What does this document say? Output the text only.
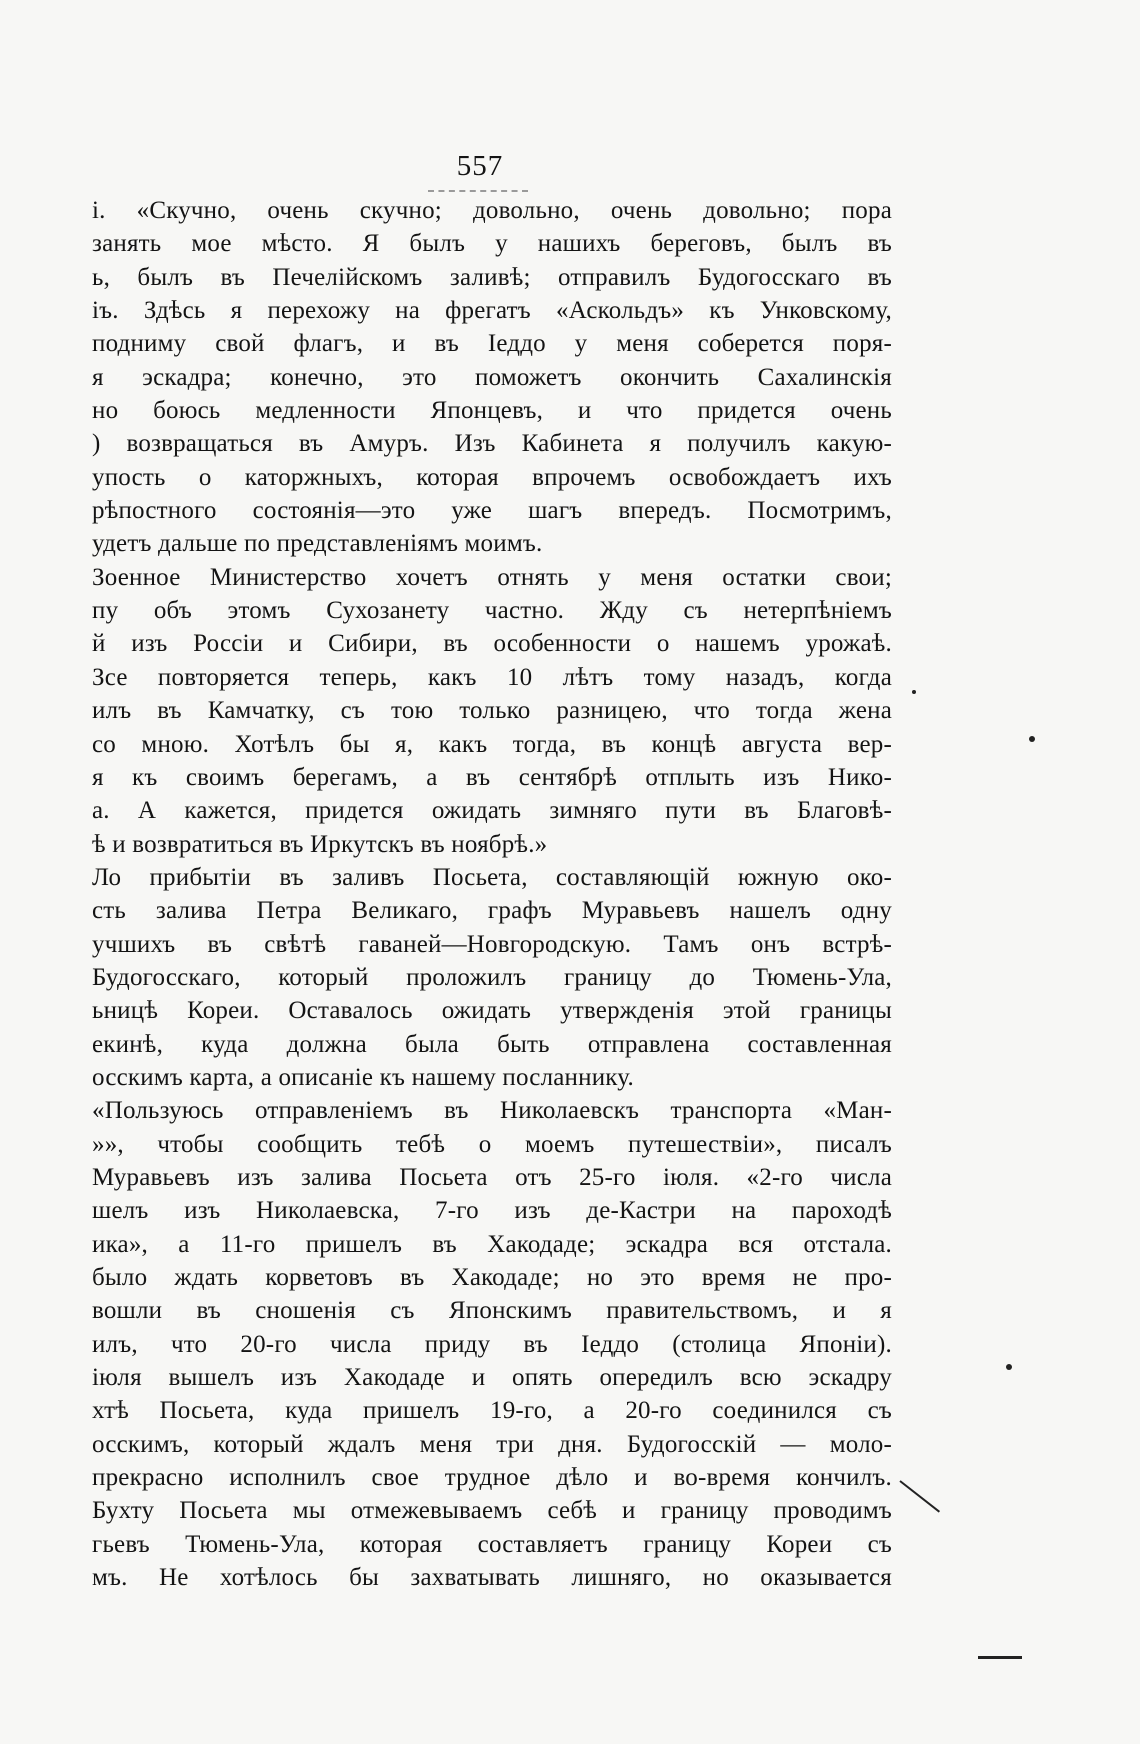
557
і. «Скучно, очень скучно; довольно, очень довольно; пора
занять мое мѣсто. Я былъ у нашихъ береговъ, былъ въ
ь, былъ въ Печелійскомъ заливѣ; отправилъ Будогосскаго въ
іъ. Здѣсь я перехожу на фрегатъ «Аскольдъ» къ Унковскому,
подниму свой флагъ, и въ Іеддо у меня соберется поря-
я эскадра; конечно, это поможетъ окончить Сахалинскія
но боюсь медленности Японцевъ, и что придется очень
) возвращаться въ Амуръ. Изъ Кабинета я получилъ какую-
упость о каторжныхъ, которая впрочемъ освобождаетъ ихъ
рѣпостного состоянія—это уже шагъ впередъ. Посмотримъ,
удетъ дальше по представленіямъ моимъ.
Зоенное Министерство хочетъ отнять у меня остатки свои;
пу объ этомъ Сухозанету частно. Жду съ нетерпѣніемъ
й изъ Россіи и Сибири, въ особенности о нашемъ урожаѣ.
Зсе повторяется теперь, какъ 10 лѣтъ тому назадъ, когда
илъ въ Камчатку, съ тою только разницею, что тогда жена
со мною. Хотѣлъ бы я, какъ тогда, въ концѣ августа вер-
я къ своимъ берегамъ, а въ сентябрѣ отплыть изъ Нико-
а. А кажется, придется ожидать зимняго пути въ Благовѣ-
ѣ и возвратиться въ Иркутскъ въ ноябрѣ.»
Ло прибытіи въ заливъ Посьета, составляющій южную око-
сть залива Петра Великаго, графъ Муравьевъ нашелъ одну
учшихъ въ свѣтѣ гаваней—Новгородскую. Тамъ онъ встрѣ-
Будогосскаго, который проложилъ границу до Тюмень-Ула,
ьницѣ Кореи. Оставалось ожидать утвержденія этой границы
екинѣ, куда должна была быть отправлена составленная
осскимъ карта, а описаніе къ нашему посланнику.
«Пользуюсь отправленіемъ въ Николаевскъ транспорта «Ман-
»», чтобы сообщить тебѣ о моемъ путешествіи», писалъ
Муравьевъ изъ залива Посьета отъ 25-го іюля. «2-го числа
шелъ изъ Николаевска, 7-го изъ де-Кастри на пароходѣ
ика», а 11-го пришелъ въ Хакодаде; эскадра вся отстала.
было ждать корветовъ въ Хакодаде; но это время не про-
вошли въ сношенія съ Японскимъ правительствомъ, и я
илъ, что 20-го числа приду въ Іеддо (столица Японіи).
іюля вышелъ изъ Хакодаде и опять опередилъ всю эскадру
хтѣ Посьета, куда пришелъ 19-го, а 20-го соединился съ
осскимъ, который ждалъ меня три дня. Будогосскій — моло-
прекрасно исполнилъ свое трудное дѣло и во-время кончилъ.
Бухту Посьета мы отмежевываемъ себѣ и границу проводимъ
гьевъ Тюмень-Ула, которая составляетъ границу Кореи съ
мъ. Не хотѣлось бы захватывать лишняго, но оказывается
